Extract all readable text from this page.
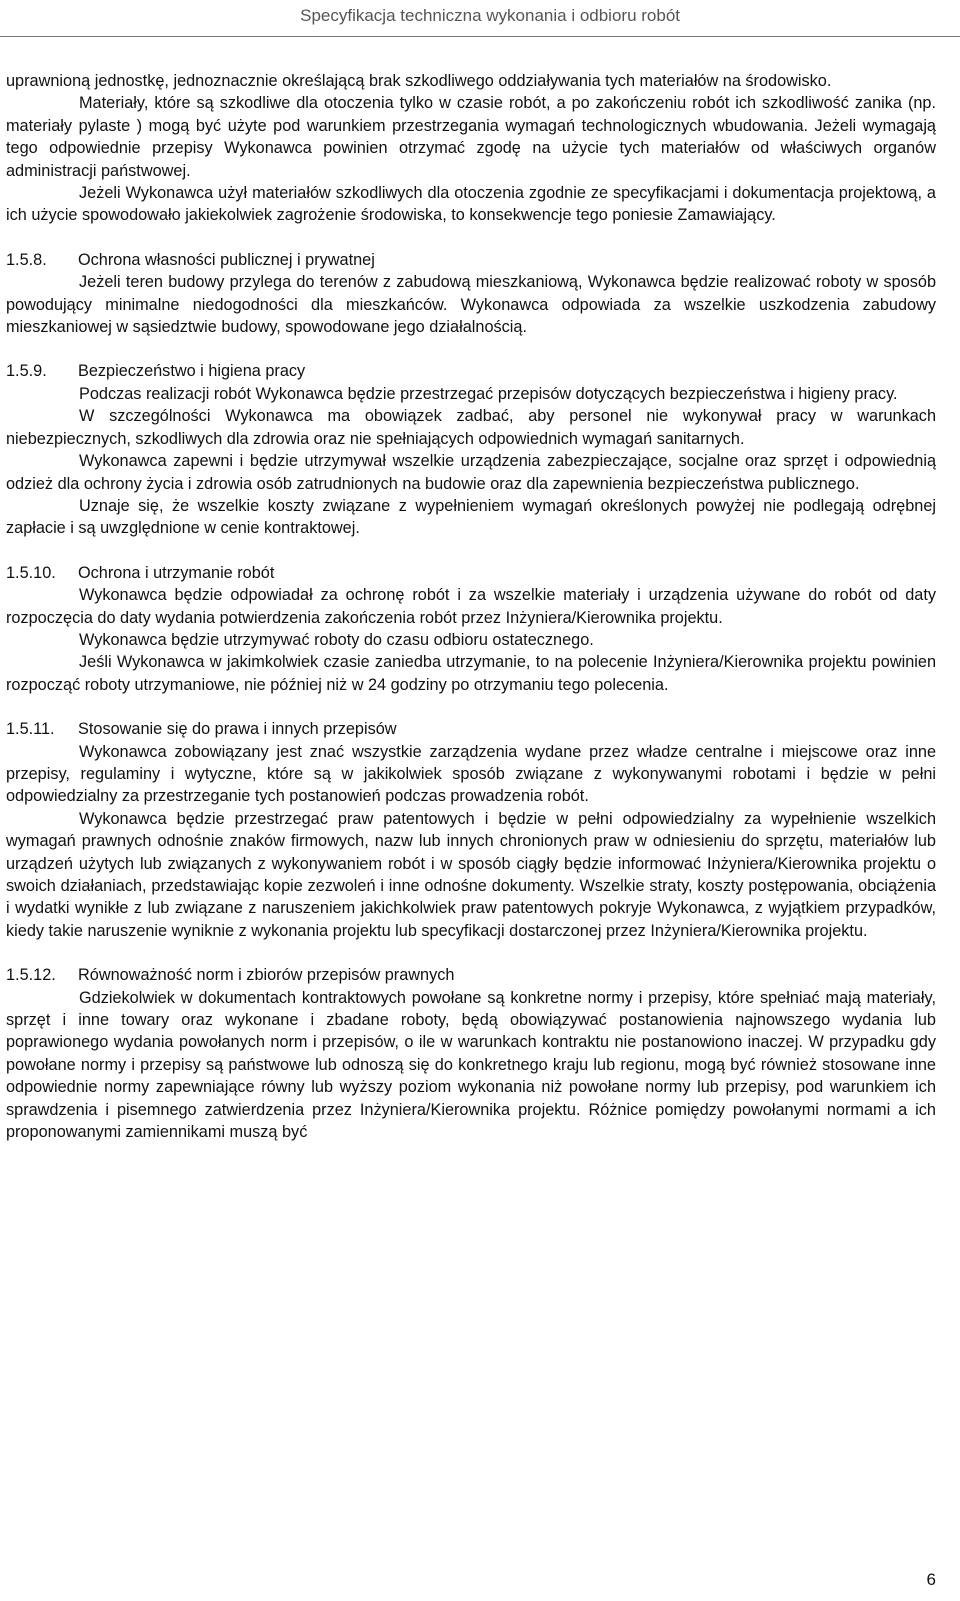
Specyfikacja techniczna wykonania i odbioru robót

uprawnioną jednostkę, jednoznacznie określającą brak szkodliwego oddziaływania tych materiałów na środowisko.

Materiały, które są szkodliwe dla otoczenia tylko w czasie robót, a po zakończeniu robót ich szkodliwość zanika (np. materiały pylaste ) mogą być użyte pod warunkiem przestrzegania wymagań technologicznych wbudowania. Jeżeli wymagają tego odpowiednie przepisy Wykonawca powinien otrzymać zgodę na użycie tych materiałów od właściwych organów administracji państwowej.

Jeżeli Wykonawca użył materiałów szkodliwych dla otoczenia zgodnie ze specyfikacjami i dokumentacja projektową, a ich użycie spowodowało jakiekolwiek zagrożenie środowiska, to konsekwencje tego poniesie Zamawiający.

1.5.8.	Ochrona własności publicznej i prywatnej

Jeżeli teren budowy przylega do terenów z zabudową mieszkaniową, Wykonawca będzie realizować roboty w sposób powodujący minimalne niedogodności dla mieszkańców. Wykonawca odpowiada za wszelkie uszkodzenia zabudowy mieszkaniowej w sąsiedztwie budowy, spowodowane jego działalnością.

1.5.9.	Bezpieczeństwo i higiena pracy

Podczas realizacji robót Wykonawca będzie przestrzegać przepisów dotyczących bezpieczeństwa i higieny pracy.

W szczególności Wykonawca ma obowiązek zadbać, aby personel nie wykonywał pracy w warunkach niebezpiecznych, szkodliwych dla zdrowia oraz nie spełniających odpowiednich wymagań sanitarnych.

Wykonawca zapewni i będzie utrzymywał wszelkie urządzenia zabezpieczające, socjalne oraz sprzęt i odpowiednią odzież dla ochrony życia i zdrowia osób zatrudnionych na budowie oraz dla zapewnienia bezpieczeństwa publicznego.

Uznaje się, że wszelkie koszty związane z wypełnieniem wymagań określonych powyżej nie podlegają odrębnej zapłacie i są uwzględnione w cenie kontraktowej.

1.5.10.	Ochrona i utrzymanie robót

Wykonawca będzie odpowiadał za ochronę robót i za wszelkie materiały i urządzenia używane do robót od daty rozpoczęcia do daty wydania potwierdzenia zakończenia robót przez Inżyniera/Kierownika projektu.

Wykonawca będzie utrzymywać roboty do czasu odbioru ostatecznego.

Jeśli Wykonawca w jakimkolwiek czasie zaniedba utrzymanie, to na polecenie Inżyniera/Kierownika projektu powinien rozpocząć roboty utrzymaniowe, nie później niż w 24 godziny po otrzymaniu tego polecenia.

1.5.11.	Stosowanie się do prawa i innych przepisów

Wykonawca zobowiązany jest znać wszystkie zarządzenia wydane przez władze centralne i miejscowe oraz inne przepisy, regulaminy i wytyczne, które są w jakikolwiek sposób związane z wykonywanymi robotami i będzie w pełni odpowiedzialny za przestrzeganie tych postanowień podczas prowadzenia robót.

Wykonawca będzie przestrzegać praw patentowych i będzie w pełni odpowiedzialny za wypełnienie wszelkich wymagań prawnych odnośnie znaków firmowych, nazw lub innych chronionych praw w odniesieniu do sprzętu, materiałów lub urządzeń użytych lub związanych z wykonywaniem robót i w sposób ciągły będzie informować Inżyniera/Kierownika projektu o swoich działaniach, przedstawiając kopie zezwoleń i inne odnośne dokumenty. Wszelkie straty, koszty postępowania, obciążenia i wydatki wynikłe z lub związane z naruszeniem jakichkolwiek praw patentowych pokryje Wykonawca, z wyjątkiem przypadków, kiedy takie naruszenie wyniknie z wykonania projektu lub specyfikacji dostarczonej przez Inżyniera/Kierownika projektu.

1.5.12.	Równoważność norm i zbiorów przepisów prawnych

Gdziekolwiek w dokumentach kontraktowych powołane są konkretne normy i przepisy, które spełniać mają materiały, sprzęt i inne towary oraz wykonane i zbadane roboty, będą obowiązywać postanowienia najnowszego wydania lub poprawionego wydania powołanych norm i przepisów, o ile w warunkach kontraktu nie postanowiono inaczej. W przypadku gdy powołane normy i przepisy są państwowe lub odnoszą się do konkretnego kraju lub regionu, mogą być również stosowane inne odpowiednie normy zapewniające równy lub wyższy poziom wykonania niż powołane normy lub przepisy, pod warunkiem ich sprawdzenia i pisemnego zatwierdzenia przez Inżyniera/Kierownika projektu. Różnice pomiędzy powołanymi normami a ich proponowanymi zamiennikami muszą być

6
